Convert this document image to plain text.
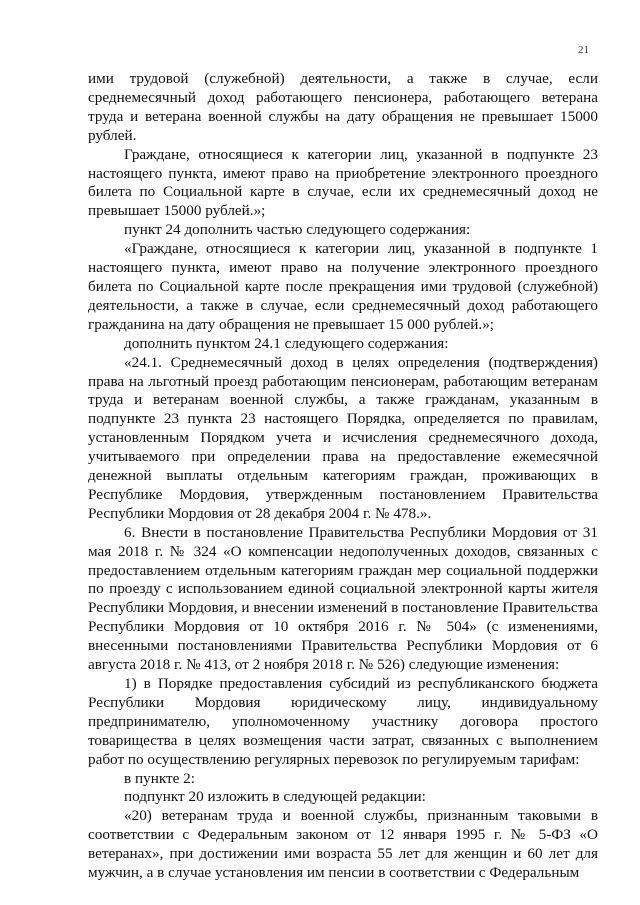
21

ими трудовой (служебной) деятельности, а также в случае, если среднемесячный доход работающего пенсионера, работающего ветерана труда и ветерана военной службы на дату обращения не превышает 15000 рублей.

Граждане, относящиеся к категории лиц, указанной в подпункте 23 настоящего пункта, имеют право на приобретение электронного проездного билета по Социальной карте в случае, если их среднемесячный доход не превышает 15000 рублей.»;

пункт 24 дополнить частью следующего содержания:

«Граждане, относящиеся к категории лиц, указанной в подпункте 1 настоящего пункта, имеют право на получение электронного проездного билета по Социальной карте после прекращения ими трудовой (служебной) деятельности, а также в случае, если среднемесячный доход работающего гражданина на дату обращения не превышает 15 000 рублей.»;

дополнить пунктом 24.1 следующего содержания:

«24.1. Среднемесячный доход в целях определения (подтверждения) права на льготный проезд работающим пенсионерам, работающим ветеранам труда и ветеранам военной службы, а также гражданам, указанным в подпункте 23 пункта 23 настоящего Порядка, определяется по правилам, установленным Порядком учета и исчисления среднемесячного дохода, учитываемого при определении права на предоставление ежемесячной денежной выплаты отдельным категориям граждан, проживающих в Республике Мордовия, утвержденным постановлением Правительства Республики Мордовия от 28 декабря 2004 г. № 478.».

6. Внести в постановление Правительства Республики Мордовия от 31 мая 2018 г. № 324 «О компенсации недополученных доходов, связанных с предоставлением отдельным категориям граждан мер социальной поддержки по проезду с использованием единой социальной электронной карты жителя Республики Мордовия, и внесении изменений в постановление Правительства Республики Мордовия от 10 октября 2016 г. № 504» (с изменениями, внесенными постановлениями Правительства Республики Мордовия от 6 августа 2018 г. № 413, от 2 ноября 2018 г. № 526) следующие изменения:

1) в Порядке предоставления субсидий из республиканского бюджета Республики Мордовия юридическому лицу, индивидуальному предпринимателю, уполномоченному участнику договора простого товарищества в целях возмещения части затрат, связанных с выполнением работ по осуществлению регулярных перевозок по регулируемым тарифам:

в пункте 2:

подпункт 20 изложить в следующей редакции:

«20) ветеранам труда и военной службы, признанным таковыми в соответствии с Федеральным законом от 12 января 1995 г. № 5-ФЗ «О ветеранах», при достижении ими возраста 55 лет для женщин и 60 лет для мужчин, а в случае установления им пенсии в соответствии с Федеральным
